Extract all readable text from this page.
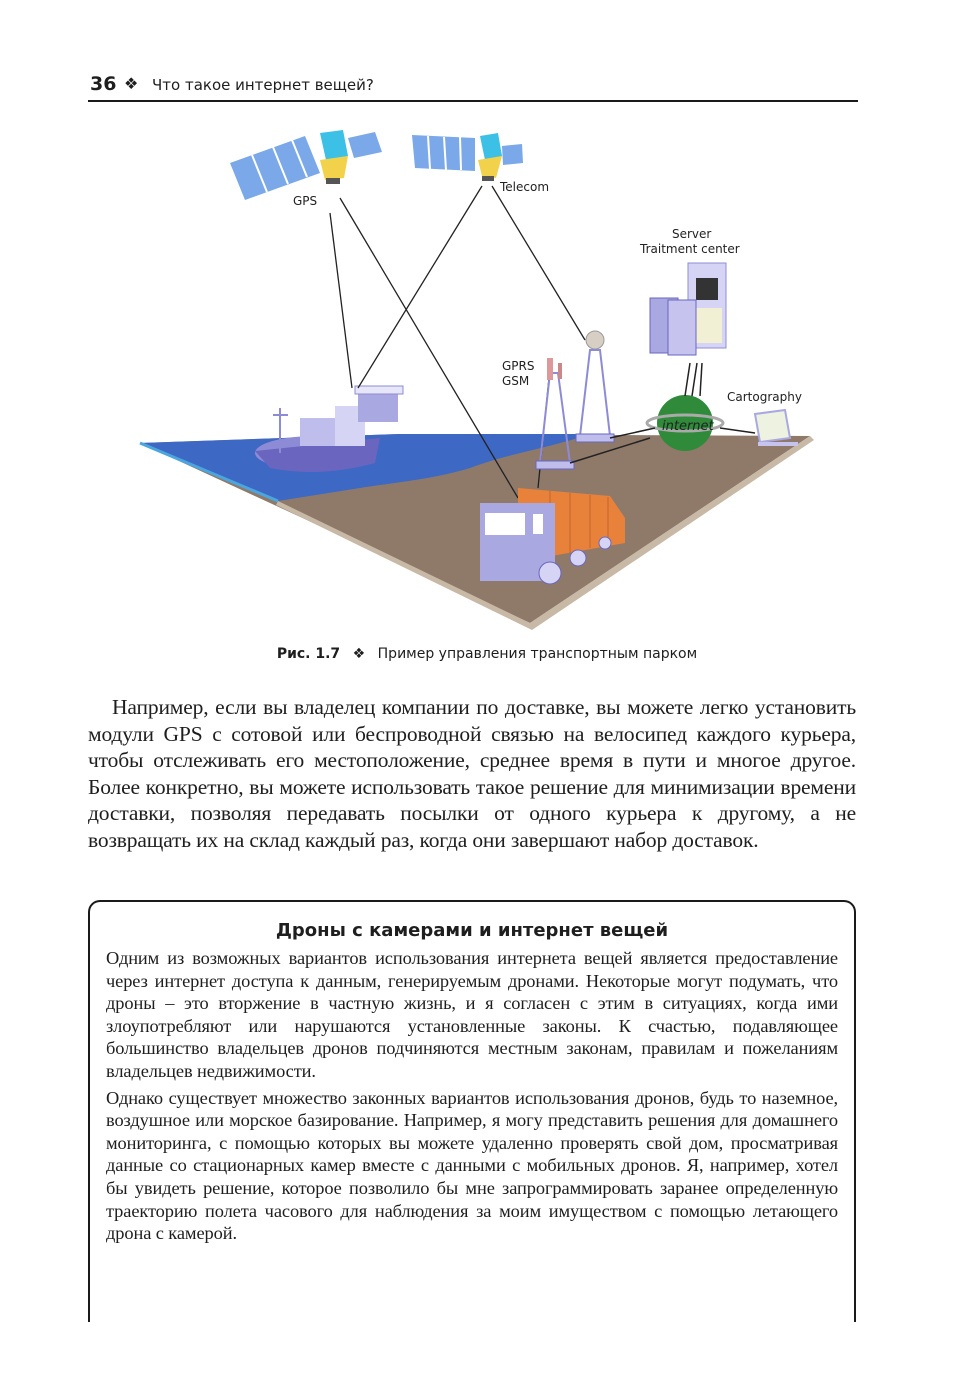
36 ❖ Что такое интернет вещей?
GPS
Telecom
GPRS
GSM
Server
Traitment center
internet
Cartography
Рис. 1.7 ❖ Пример управления транспортным парком
Например, если вы владелец компании по доставке, вы можете легко установить модули GPS с сотовой или беспроводной связью на велосипед каждого курьера, чтобы отслеживать его местоположение, среднее время в пути и многое другое. Более конкретно, вы можете использовать такое решение для минимизации времени доставки, позволяя передавать посылки от одного курьера к другому, а не возвращать их на склад каждый раз, когда они завершают набор доставок.
Дроны с камерами и интернет вещей

Одним из возможных вариантов использования интернета вещей является предоставление через интернет доступа к данным, генерируемым дронами. Некоторые могут подумать, что дроны – это вторжение в частную жизнь, и я согласен с этим в ситуациях, когда ими злоупотребляют или нарушаются установленные законы. К счастью, подавляющее большинство владельцев дронов подчиняются местным законам, правилам и пожеланиям владельцев недвижимости.

Однако существует множество законных вариантов использования дронов, будь то наземное, воздушное или морское базирование. Например, я могу представить решения для домашнего мониторинга, с помощью которых вы можете удаленно проверять свой дом, просматривая данные со стационарных камер вместе с данными с мобильных дронов. Я, например, хотел бы увидеть решение, которое позволило бы мне запрограммировать заранее определенную траекторию полета часового для наблюдения за моим имуществом с помощью летающего дрона с камерой.
